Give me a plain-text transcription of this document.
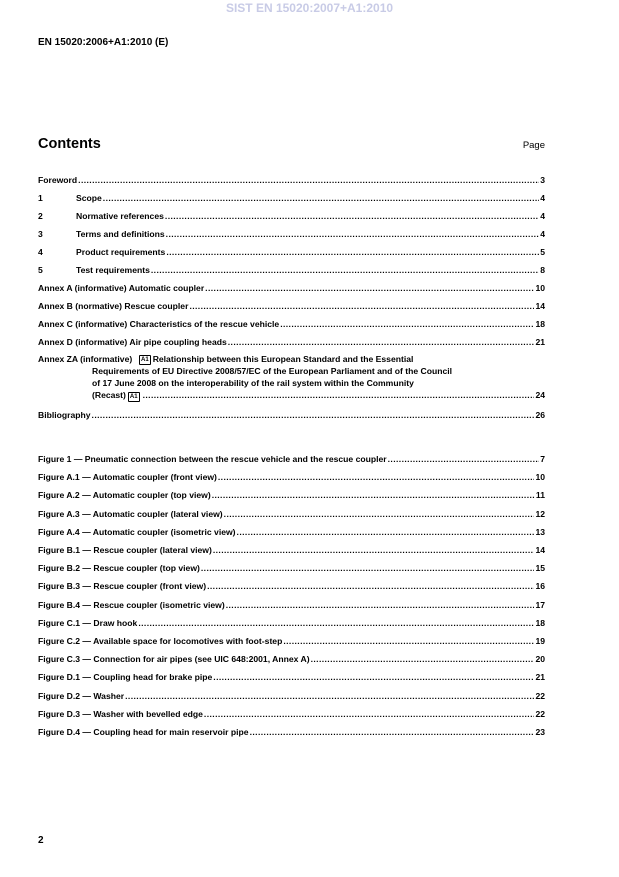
SIST EN 15020:2007+A1:2010
EN 15020:2006+A1:2010 (E)
Contents	Page
Foreword .....	3
1	Scope .....	4
2	Normative references .....	4
3	Terms and definitions .....	4
4	Product requirements .....	5
5	Test requirements .....	8
Annex A (informative) Automatic coupler .....	10
Annex B (normative) Rescue coupler .....	14
Annex C (informative) Characteristics of the rescue vehicle .....	18
Annex D (informative) Air pipe coupling heads .....	21
Annex ZA (informative) A1 Relationship between this European Standard and the Essential
Requirements of EU Directive 2008/57/EC of the European Parliament and of the Council
of 17 June 2008 on the interoperability of the rail system within the Community
(Recast) A1 .....	24
Bibliography .....	26
Figure 1 — Pneumatic connection between the rescue vehicle and the rescue coupler .....	7
Figure A.1 — Automatic coupler (front view) .....	10
Figure A.2 — Automatic coupler (top view) .....	11
Figure A.3 — Automatic coupler (lateral view) .....	12
Figure A.4 — Automatic coupler (isometric view) .....	13
Figure B.1 — Rescue coupler (lateral view) .....	14
Figure B.2 — Rescue coupler (top view) .....	15
Figure B.3 — Rescue coupler (front view) .....	16
Figure B.4 — Rescue coupler (isometric view) .....	17
Figure C.1 — Draw hook .....	18
Figure C.2 — Available space for locomotives with foot-step .....	19
Figure C.3 — Connection for air pipes (see UIC 648:2001, Annex A) .....	20
Figure D.1 — Coupling head for brake pipe .....	21
Figure D.2 — Washer .....	22
Figure D.3 — Washer with bevelled edge .....	22
Figure D.4 — Coupling head for main reservoir pipe .....	23
2
